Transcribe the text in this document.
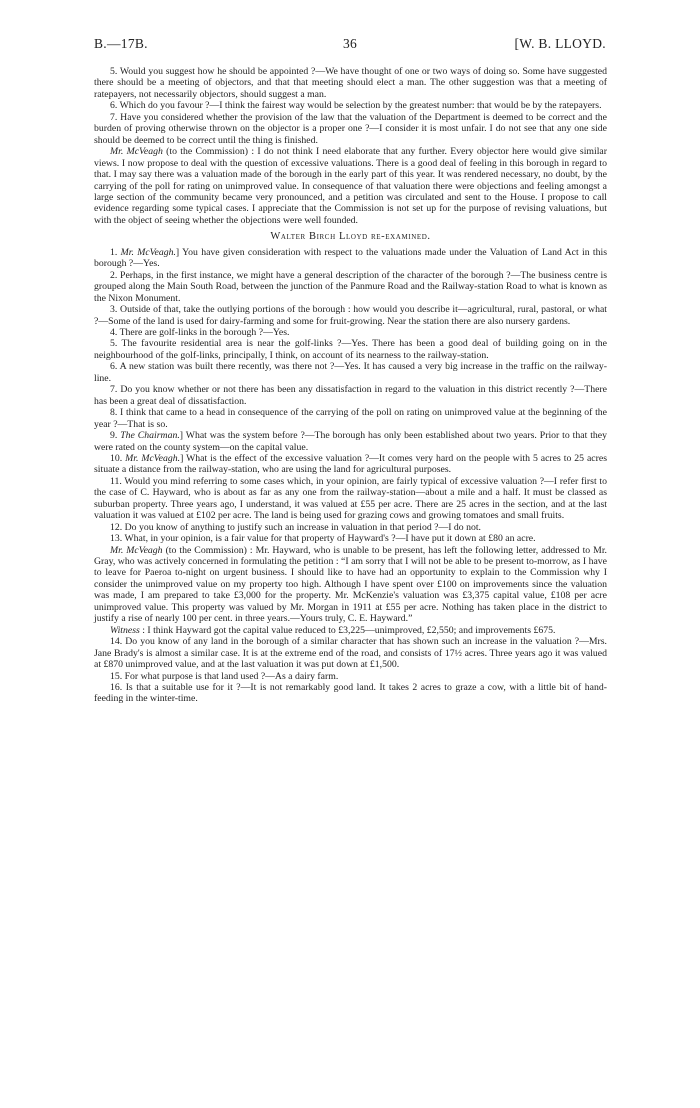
B.—17B.	36	[W. B. LLOYD.

5. Would you suggest how he should be appointed ?—We have thought of one or two ways of doing so. Some have suggested there should be a meeting of objectors, and that that meeting should elect a man. The other suggestion was that a meeting of ratepayers, not necessarily objectors, should suggest a man.

6. Which do you favour ?—I think the fairest way would be selection by the greatest number: that would be by the ratepayers.

7. Have you considered whether the provision of the law that the valuation of the Department is deemed to be correct and the burden of proving otherwise thrown on the objector is a proper one ?—I consider it is most unfair. I do not see that any one side should be deemed to be correct until the thing is finished.

Mr. McVeagh (to the Commission) : I do not think I need elaborate that any further. Every objector here would give similar views. I now propose to deal with the question of excessive valuations. There is a good deal of feeling in this borough in regard to that. I may say there was a valuation made of the borough in the early part of this year. It was rendered necessary, no doubt, by the carrying of the poll for rating on unimproved value. In consequence of that valuation there were objections and feeling amongst a large section of the community became very pronounced, and a petition was circulated and sent to the House. I propose to call evidence regarding some typical cases. I appreciate that the Commission is not set up for the purpose of revising valuations, but with the object of seeing whether the objections were well founded.

Walter Birch Lloyd re-examined.

1. Mr. McVeagh.] You have given consideration with respect to the valuations made under the Valuation of Land Act in this borough ?—Yes.

2. Perhaps, in the first instance, we might have a general description of the character of the borough ?—The business centre is grouped along the Main South Road, between the junction of the Panmure Road and the Railway-station Road to what is known as the Nixon Monument.

3. Outside of that, take the outlying portions of the borough : how would you describe it—agricultural, rural, pastoral, or what ?—Some of the land is used for dairy-farming and some for fruit-growing. Near the station there are also nursery gardens.

4. There are golf-links in the borough ?—Yes.

5. The favourite residential area is near the golf-links ?—Yes. There has been a good deal of building going on in the neighbourhood of the golf-links, principally, I think, on account of its nearness to the railway-station.

6. A new station was built there recently, was there not ?—Yes. It has caused a very big increase in the traffic on the railway-line.

7. Do you know whether or not there has been any dissatisfaction in regard to the valuation in this district recently ?—There has been a great deal of dissatisfaction.

8. I think that came to a head in consequence of the carrying of the poll on rating on unimproved value at the beginning of the year ?—That is so.

9. The Chairman.] What was the system before ?—The borough has only been established about two years. Prior to that they were rated on the county system—on the capital value.

10. Mr. McVeagh.] What is the effect of the excessive valuation ?—It comes very hard on the people with 5 acres to 25 acres situate a distance from the railway-station, who are using the land for agricultural purposes.

11. Would you mind referring to some cases which, in your opinion, are fairly typical of excessive valuation ?—I refer first to the case of C. Hayward, who is about as far as any one from the railway-station—about a mile and a half. It must be classed as suburban property. Three years ago, I understand, it was valued at £55 per acre. There are 25 acres in the section, and at the last valuation it was valued at £102 per acre. The land is being used for grazing cows and growing tomatoes and small fruits.

12. Do you know of anything to justify such an increase in valuation in that period ?—I do not.

13. What, in your opinion, is a fair value for that property of Hayward's ?—I have put it down at £80 an acre.

Mr. McVeagh (to the Commission) : Mr. Hayward, who is unable to be present, has left the following letter, addressed to Mr. Gray, who was actively concerned in formulating the petition : “I am sorry that I will not be able to be present to-morrow, as I have to leave for Paeroa to-night on urgent business. I should like to have had an opportunity to explain to the Commission why I consider the unimproved value on my property too high. Although I have spent over £100 on improvements since the valuation was made, I am prepared to take £3,000 for the property. Mr. McKenzie's valuation was £3,375 capital value, £108 per acre unimproved value. This property was valued by Mr. Morgan in 1911 at £55 per acre. Nothing has taken place in the district to justify a rise of nearly 100 per cent. in three years.—Yours truly, C. E. Hayward.”

Witness : I think Hayward got the capital value reduced to £3,225—unimproved, £2,550; and improvements £675.

14. Do you know of any land in the borough of a similar character that has shown such an increase in the valuation ?—Mrs. Jane Brady's is almost a similar case. It is at the extreme end of the road, and consists of 17½ acres. Three years ago it was valued at £870 unimproved value, and at the last valuation it was put down at £1,500.

15. For what purpose is that land used ?—As a dairy farm.

16. Is that a suitable use for it ?—It is not remarkably good land. It takes 2 acres to graze a cow, with a little bit of hand-feeding in the winter-time.
